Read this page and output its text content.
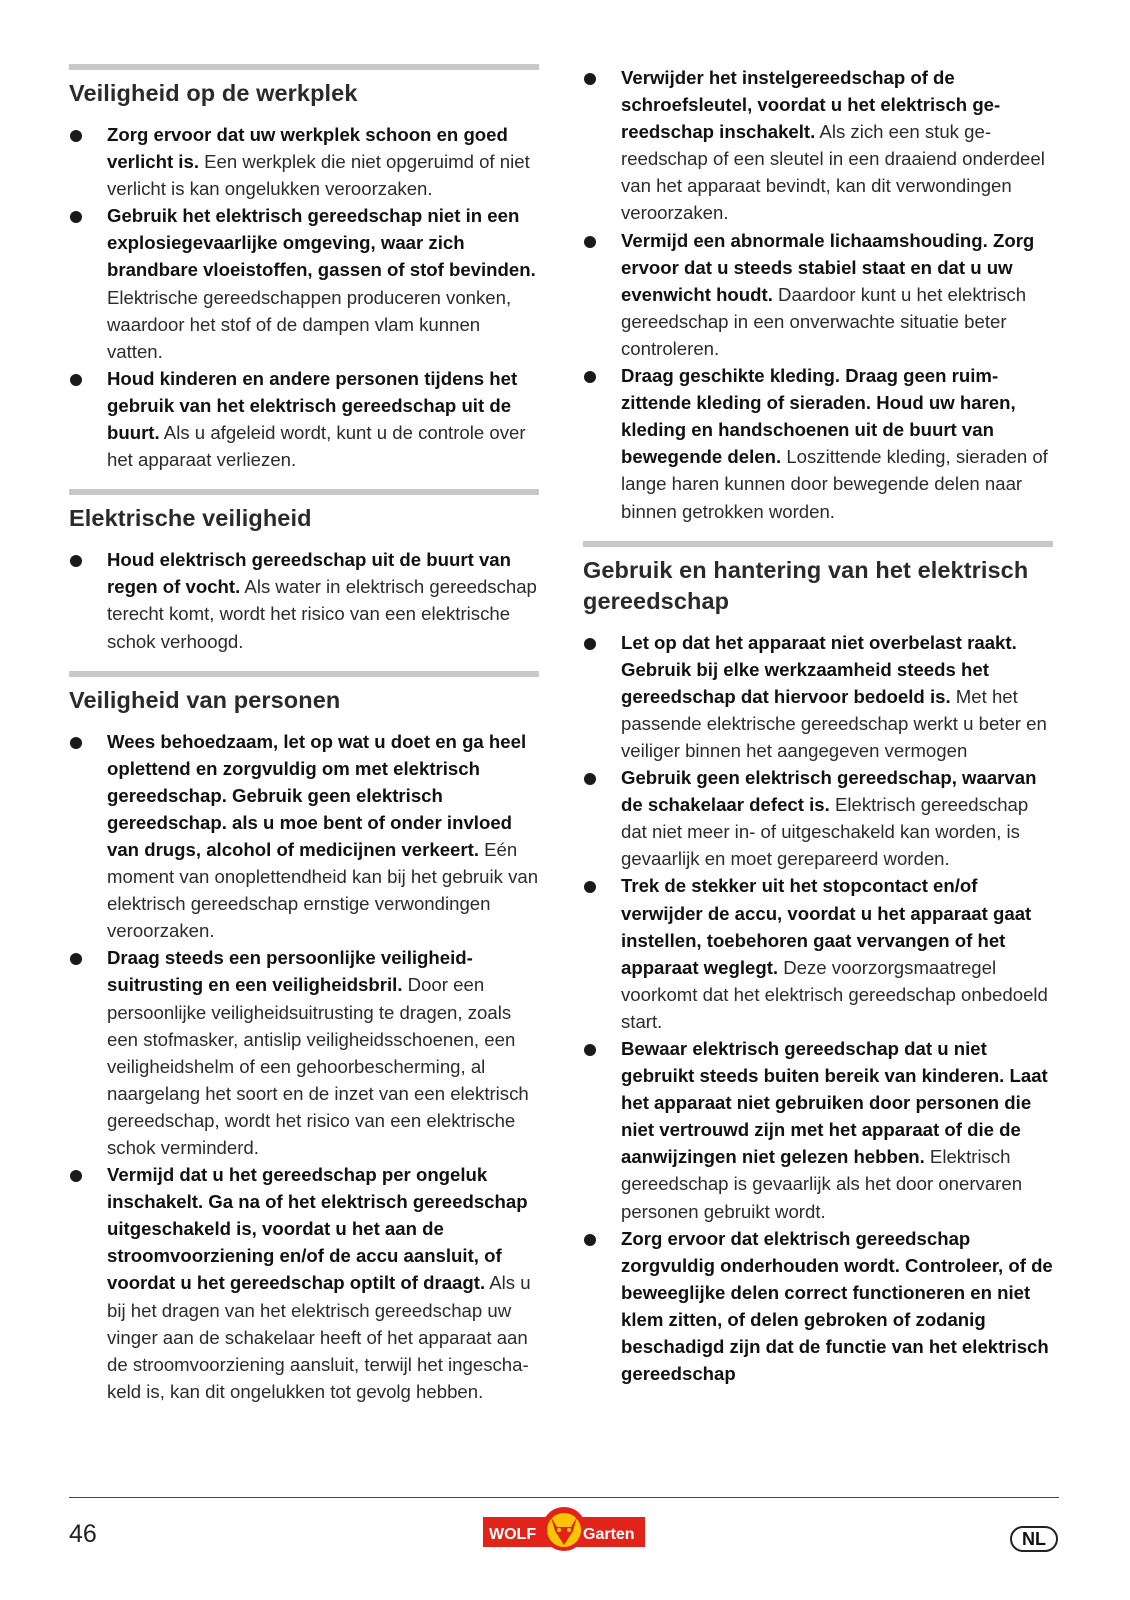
Veiligheid op de werkplek
Zorg ervoor dat uw werkplek schoon en goed verlicht is. Een werkplek die niet opgeruimd of niet verlicht is kan ongelukken veroorzaken.
Gebruik het elektrisch gereedschap niet in een explosiegevaarlijke omgeving, waar zich brandbare vloeistoffen, gassen of stof bevinden. Elektrische gereedschappen produceren vonken, waardoor het stof of de dampen vlam kunnen vatten.
Houd kinderen en andere personen tijdens het gebruik van het elektrisch gereedschap uit de buurt. Als u afgeleid wordt, kunt u de controle over het apparaat verliezen.
Elektrische veiligheid
Houd elektrisch gereedschap uit de buurt van regen of vocht. Als water in elektrisch gereedschap terecht komt, wordt het risico van een elektrische schok verhoogd.
Veiligheid van personen
Wees behoedzaam, let op wat u doet en ga heel oplettend en zorgvuldig om met elektrisch gereedschap. Gebruik geen elektrisch gereedschap. als u moe bent of onder invloed van drugs, alcohol of medicijnen verkeert. Eén moment van onoplettendheid kan bij het gebruik van elektrisch gereedschap ernstige verwondingen veroorzaken.
Draag steeds een persoonlijke veiligheidsuitrusting en een veiligheidsbril. Door een persoonlijke veiligheidsuitrusting te dragen, zoals een stofmasker, antislip veiligheidsschoenen, een veiligheidshelm of een gehoorbescherming, al naargelang het soort en de inzet van een elektrisch gereedschap, wordt het risico van een elektrische schok verminderd.
Vermijd dat u het gereedschap per ongeluk inschakelt. Ga na of het elektrisch gereedschap uitgeschakeld is, voordat u het aan de stroomvoorziening en/of de accu aansluit, of voordat u het gereedschap optilt of draagt. Als u bij het dragen van het elektrisch gereedschap uw vinger aan de schakelaar heeft of het apparaat aan de stroomvoorziening aansluit, terwijl het ingeschakeld is, kan dit ongelukken tot gevolg hebben.
Verwijder het instelgereedschap of de schroefsleutel, voordat u het elektrisch gereedschap inschakelt. Als zich een stuk gereedschap of een sleutel in een draaiend onderdeel van het apparaat bevindt, kan dit verwondingen veroorzaken.
Vermijd een abnormale lichaamshouding. Zorg ervoor dat u steeds stabiel staat en dat u uw evenwicht houdt. Daardoor kunt u het elektrisch gereedschap in een onverwachte situatie beter controleren.
Draag geschikte kleding. Draag geen ruimzittende kleding of sieraden. Houd uw haren, kleding en handschoenen uit de buurt van bewegende delen. Loszittende kleding, sieraden of lange haren kunnen door bewegende delen naar binnen getrokken worden.
Gebruik en hantering van het elektrisch gereedschap
Let op dat het apparaat niet overbelast raakt. Gebruik bij elke werkzaamheid steeds het gereedschap dat hiervoor bedoeld is. Met het passende elektrische gereedschap werkt u beter en veiliger binnen het aangegeven vermogen
Gebruik geen elektrisch gereedschap, waarvan de schakelaar defect is. Elektrisch gereedschap dat niet meer in- of uitgeschakeld kan worden, is gevaarlijk en moet gerepareerd worden.
Trek de stekker uit het stopcontact en/of verwijder de accu, voordat u het apparaat gaat instellen, toebehoren gaat vervangen of het apparaat weglegt. Deze voorzorgsmaatregel voorkomt dat het elektrisch gereedschap onbedoeld start.
Bewaar elektrisch gereedschap dat u niet gebruikt steeds buiten bereik van kinderen. Laat het apparaat niet gebruiken door personen die niet vertrouwd zijn met het apparaat of die de aanwijzingen niet gelezen hebben. Elektrisch gereedschap is gevaarlijk als het door onervaren personen gebruikt wordt.
Zorg ervoor dat elektrisch gereedschap zorgvuldig onderhouden wordt. Controleer, of de beweeglijke delen correct functioneren en niet klem zitten, of delen gebroken of zodanig beschadigd zijn dat de functie van het elektrisch gereedschap
46	WOLF	Garten	NL
